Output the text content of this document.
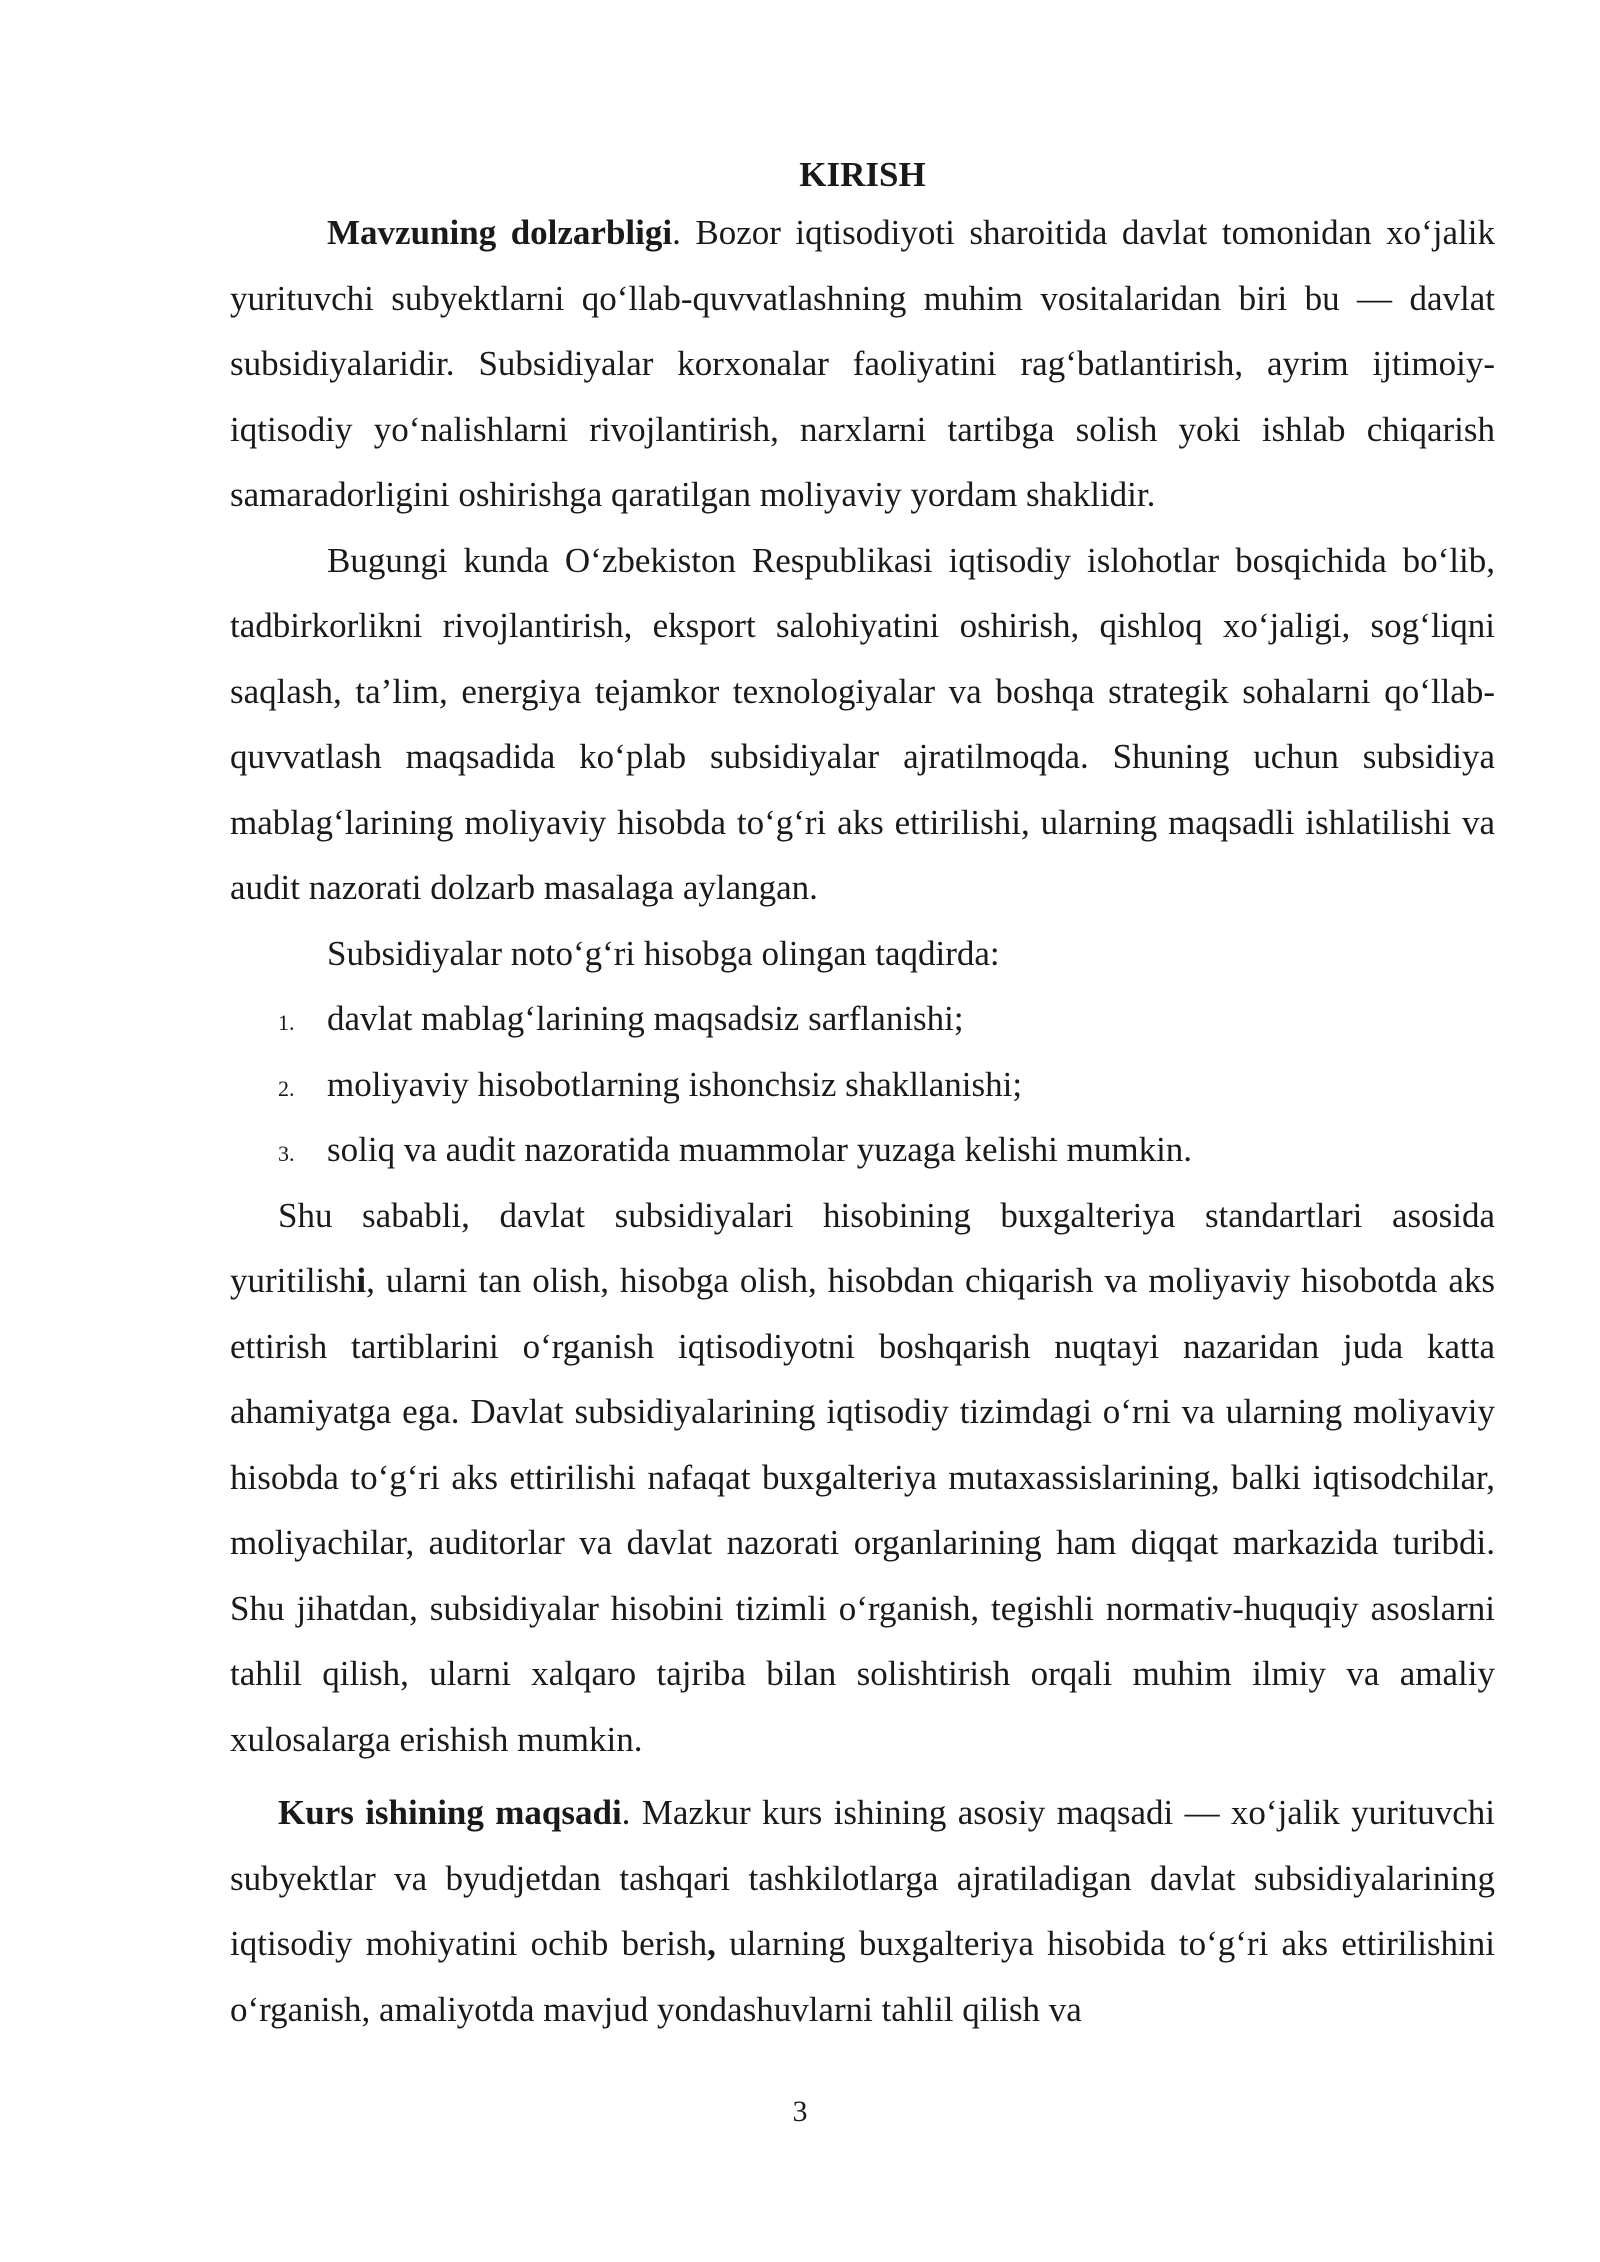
KIRISH

Mavzuning dolzarbligi. Bozor iqtisodiyoti sharoitida davlat tomonidan xo‘jalik yurituvchi subyektlarni qo‘llab-quvvatlashning muhim vositalaridan biri bu — davlat subsidiyalaridir. Subsidiyalar korxonalar faoliyatini rag‘batlantirish, ayrim ijtimoiy-iqtisodiy yo‘nalishlarni rivojlantirish, narxlarni tartibga solish yoki ishlab chiqarish samaradorligini oshirishga qaratilgan moliyaviy yordam shaklidir.

Bugungi kunda O‘zbekiston Respublikasi iqtisodiy islohotlar bosqichida bo‘lib, tadbirkorlikni rivojlantirish, eksport salohiyatini oshirish, qishloq xo‘jaligi, sog‘liqni saqlash, ta’lim, energiya tejamkor texnologiyalar va boshqa strategik sohalarni qo‘llab-quvvatlash maqsadida ko‘plab subsidiyalar ajratilmoqda. Shuning uchun subsidiya mablag‘larining moliyaviy hisobda to‘g‘ri aks ettirilishi, ularning maqsadli ishlatilishi va audit nazorati dolzarb masalaga aylangan.

Subsidiyalar noto‘g‘ri hisobga olingan taqdirda:

1. davlat mablag‘larining maqsadsiz sarflanishi;
2. moliyaviy hisobotlarning ishonchsiz shakllanishi;
3. soliq va audit nazoratida muammolar yuzaga kelishi mumkin.

Shu sababli, davlat subsidiyalari hisobining buxgalteriya standartlari asosida yuritilishi, ularni tan olish, hisobga olish, hisobdan chiqarish va moliyaviy hisobotda aks ettirish tartiblarini o‘rganish iqtisodiyotni boshqarish nuqtayi nazaridan juda katta ahamiyatga ega. Davlat subsidiyalarining iqtisodiy tizimdagi o‘rni va ularning moliyaviy hisobda to‘g‘ri aks ettirilishi nafaqat buxgalteriya mutaxassislarining, balki iqtisodchilar, moliyachilar, auditorlar va davlat nazorati organlarining ham diqqat markazida turibdi. Shu jihatdan, subsidiyalar hisobini tizimli o‘rganish, tegishli normativ-huquqiy asoslarni tahlil qilish, ularni xalqaro tajriba bilan solishtirish orqali muhim ilmiy va amaliy xulosalarga erishish mumkin.

Kurs ishining maqsadi. Mazkur kurs ishining asosiy maqsadi — xo‘jalik yurituvchi subyektlar va byudjetdan tashqari tashkilotlarga ajratiladigan davlat subsidiyalarining iqtisodiy mohiyatini ochib berish, ularning buxgalteriya hisobida to‘g‘ri aks ettirilishini o‘rganish, amaliyotda mavjud yondashuvlarni tahlil qilish va

3
